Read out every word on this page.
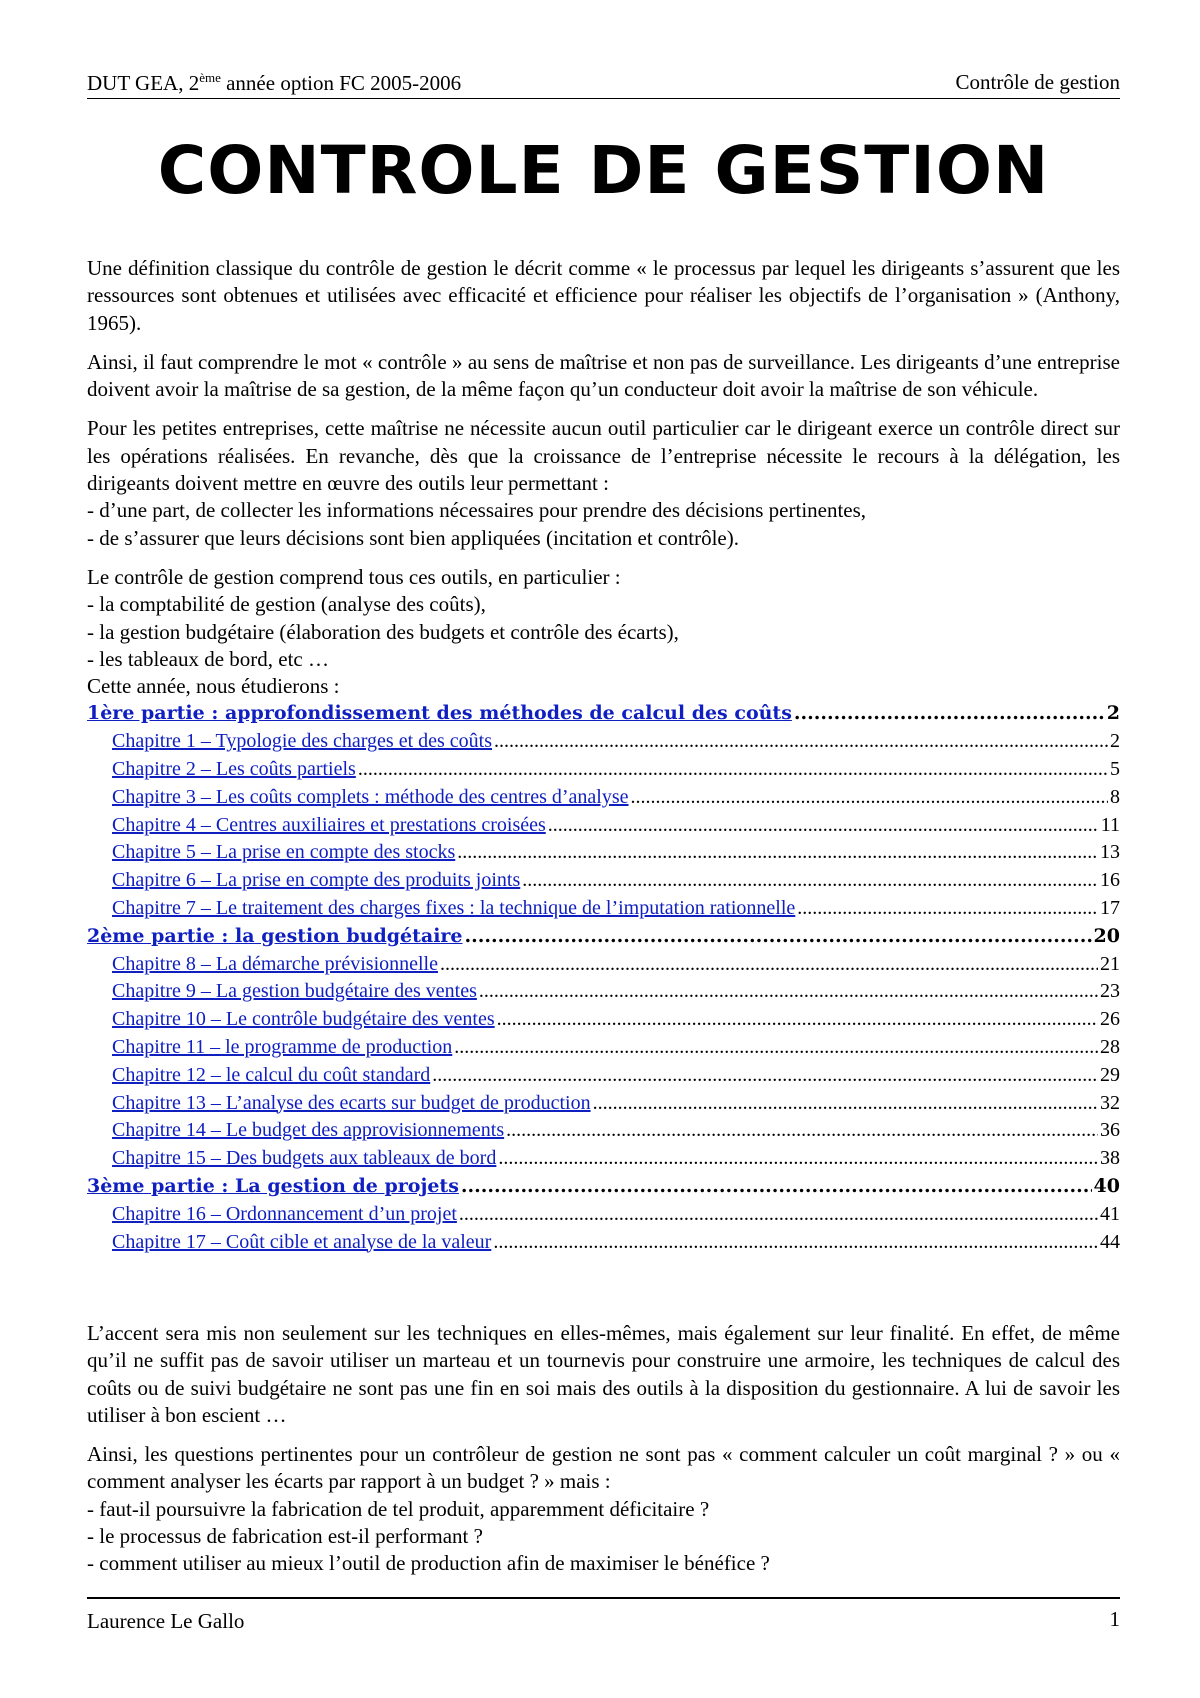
DUT GEA, 2ème année option FC 2005-2006	Contrôle de gestion
CONTROLE DE GESTION

Une définition classique du contrôle de gestion le décrit comme « le processus par lequel les dirigeants s’assurent que les ressources sont obtenues et utilisées avec efficacité et efficience pour réaliser les objectifs de l’organisation » (Anthony, 1965).

Ainsi, il faut comprendre le mot « contrôle » au sens de maîtrise et non pas de surveillance. Les dirigeants d’une entreprise doivent avoir la maîtrise de sa gestion, de la même façon qu’un conducteur doit avoir la maîtrise de son véhicule.

Pour les petites entreprises, cette maîtrise ne nécessite aucun outil particulier car le dirigeant exerce un contrôle direct sur les opérations réalisées. En revanche, dès que la croissance de l’entreprise nécessite le recours à la délégation, les dirigeants doivent mettre en œuvre des outils leur permettant :
- d’une part, de collecter les informations nécessaires pour prendre des décisions pertinentes,
- de s’assurer que leurs décisions sont bien appliquées (incitation et contrôle).

Le contrôle de gestion comprend tous ces outils, en particulier :
- la comptabilité de gestion (analyse des coûts),
- la gestion budgétaire (élaboration des budgets et contrôle des écarts),
- les tableaux de bord, etc …
Cette année, nous étudierons :
1ère partie : approfondissement des méthodes de calcul des coûts .....	2
Chapitre 1 – Typologie des charges et des coûts .....	2
Chapitre 2 – Les coûts partiels .....	5
Chapitre 3 – Les coûts complets : méthode des centres d’analyse .....	8
Chapitre 4 – Centres auxiliaires et prestations croisées .....	11
Chapitre 5 – La prise en compte des stocks .....	13
Chapitre 6 – La prise en compte des produits joints .....	16
Chapitre 7 – Le traitement des charges fixes : la technique de l’imputation rationnelle .....	17
2ème partie : la gestion budgétaire .....	20
Chapitre 8 – La démarche prévisionnelle .....	21
Chapitre 9 – La gestion budgétaire des ventes .....	23
Chapitre 10 – Le contrôle budgétaire des ventes .....	26
Chapitre 11 – le programme de production .....	28
Chapitre 12 – le calcul du coût standard .....	29
Chapitre 13 – L’analyse des ecarts sur budget de production .....	32
Chapitre 14 – Le budget des approvisionnements .....	36
Chapitre 15 – Des budgets aux tableaux de bord .....	38
3ème partie : La gestion de projets .....	40
Chapitre 16 – Ordonnancement d’un projet .....	41
Chapitre 17 – Coût cible et analyse de la valeur .....	44

L’accent sera mis non seulement sur les techniques en elles-mêmes, mais également sur leur finalité. En effet, de même qu’il ne suffit pas de savoir utiliser un marteau et un tournevis pour construire une armoire, les techniques de calcul des coûts ou de suivi budgétaire ne sont pas une fin en soi mais des outils à la disposition du gestionnaire. A lui de savoir les utiliser à bon escient …

Ainsi, les questions pertinentes pour un contrôleur de gestion ne sont pas « comment calculer un coût marginal ? » ou « comment analyser les écarts par rapport à un budget ? » mais :
- faut-il poursuivre la fabrication de tel produit, apparemment déficitaire ?
- le processus de fabrication est-il performant ?
- comment utiliser au mieux l’outil de production afin de maximiser le bénéfice ?

Laurence Le Gallo	1
